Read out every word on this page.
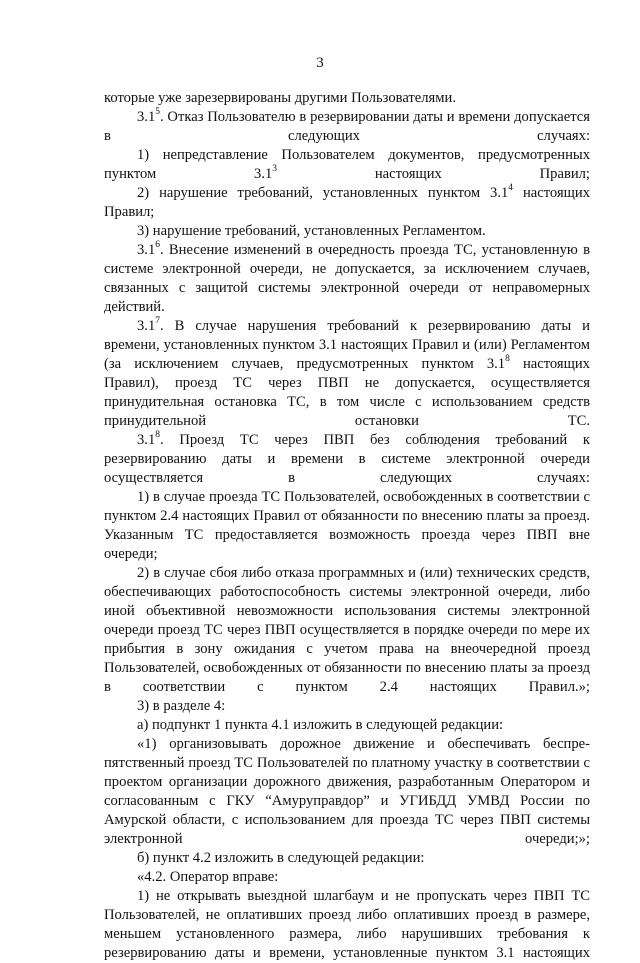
3

которые уже зарезервированы другими Пользователями.

$3.1^5$. Отказ Пользователю в резервировании даты и времени допускается в следующих случаях:

1) непредставление Пользователем документов, предусмотренных пунктом $3.1^3$ настоящих Правил;

2) нарушение требований, установленных пунктом $3.1^4$ настоящих Правил;

3) нарушение требований, установленных Регламентом.

$3.1^6$. Внесение изменений в очередность проезда ТС, установленную в системе электронной очереди, не допускается, за исключением случаев, связанных с защитой системы электронной очереди от неправомерных действий.

$3.1^7$. В случае нарушения требований к резервированию даты и времени, установленных пунктом 3.1 настоящих Правил и (или) Регламентом (за исключением случаев, предусмотренных пунктом $3.1^8$ настоящих Правил), проезд ТС через ПВП не допускается, осуществляется принудительная остановка ТС, в том числе с использованием средств принудительной остановки ТС.

$3.1^8$. Проезд ТС через ПВП без соблюдения требований к резервированию даты и времени в системе электронной очереди осуществляется в следующих случаях:

1) в случае проезда ТС Пользователей, освобожденных в соответствии с пунктом 2.4 настоящих Правил от обязанности по внесению платы за проезд. Указанным ТС предоставляется возможность проезда через ПВП вне очереди;

2) в случае сбоя либо отказа программных и (или) технических средств, обеспечивающих работоспособность системы электронной очереди, либо иной объективной невозможности использования системы электронной очереди проезд ТС через ПВП осуществляется в порядке очереди по мере их прибытия в зону ожидания с учетом права на внеочередной проезд Пользователей, освобожденных от обязанности по внесению платы за проезд в соответствии с пунктом 2.4 настоящих Правил.»;

3) в разделе 4:

а) подпункт 1 пункта 4.1 изложить в следующей редакции:

«1) организовывать дорожное движение и обеспечивать беспре-пятственный проезд ТС Пользователей по платному участку в соответствии с проектом организации дорожного движения, разработанным Оператором и согласованным с ГКУ “Амуруправдор” и УГИБДД УМВД России по Амурской области, с использованием для проезда ТС через ПВП системы электронной очереди;»;

б) пункт 4.2 изложить в следующей редакции:

«4.2. Оператор вправе:

1) не открывать выездной шлагбаум и не пропускать через ПВП ТС Пользователей, не оплативших проезд либо оплативших проезд в размере, меньшем установленного размера, либо нарушивших требования к резервированию даты и времени, установленные пунктом 3.1 настоящих
